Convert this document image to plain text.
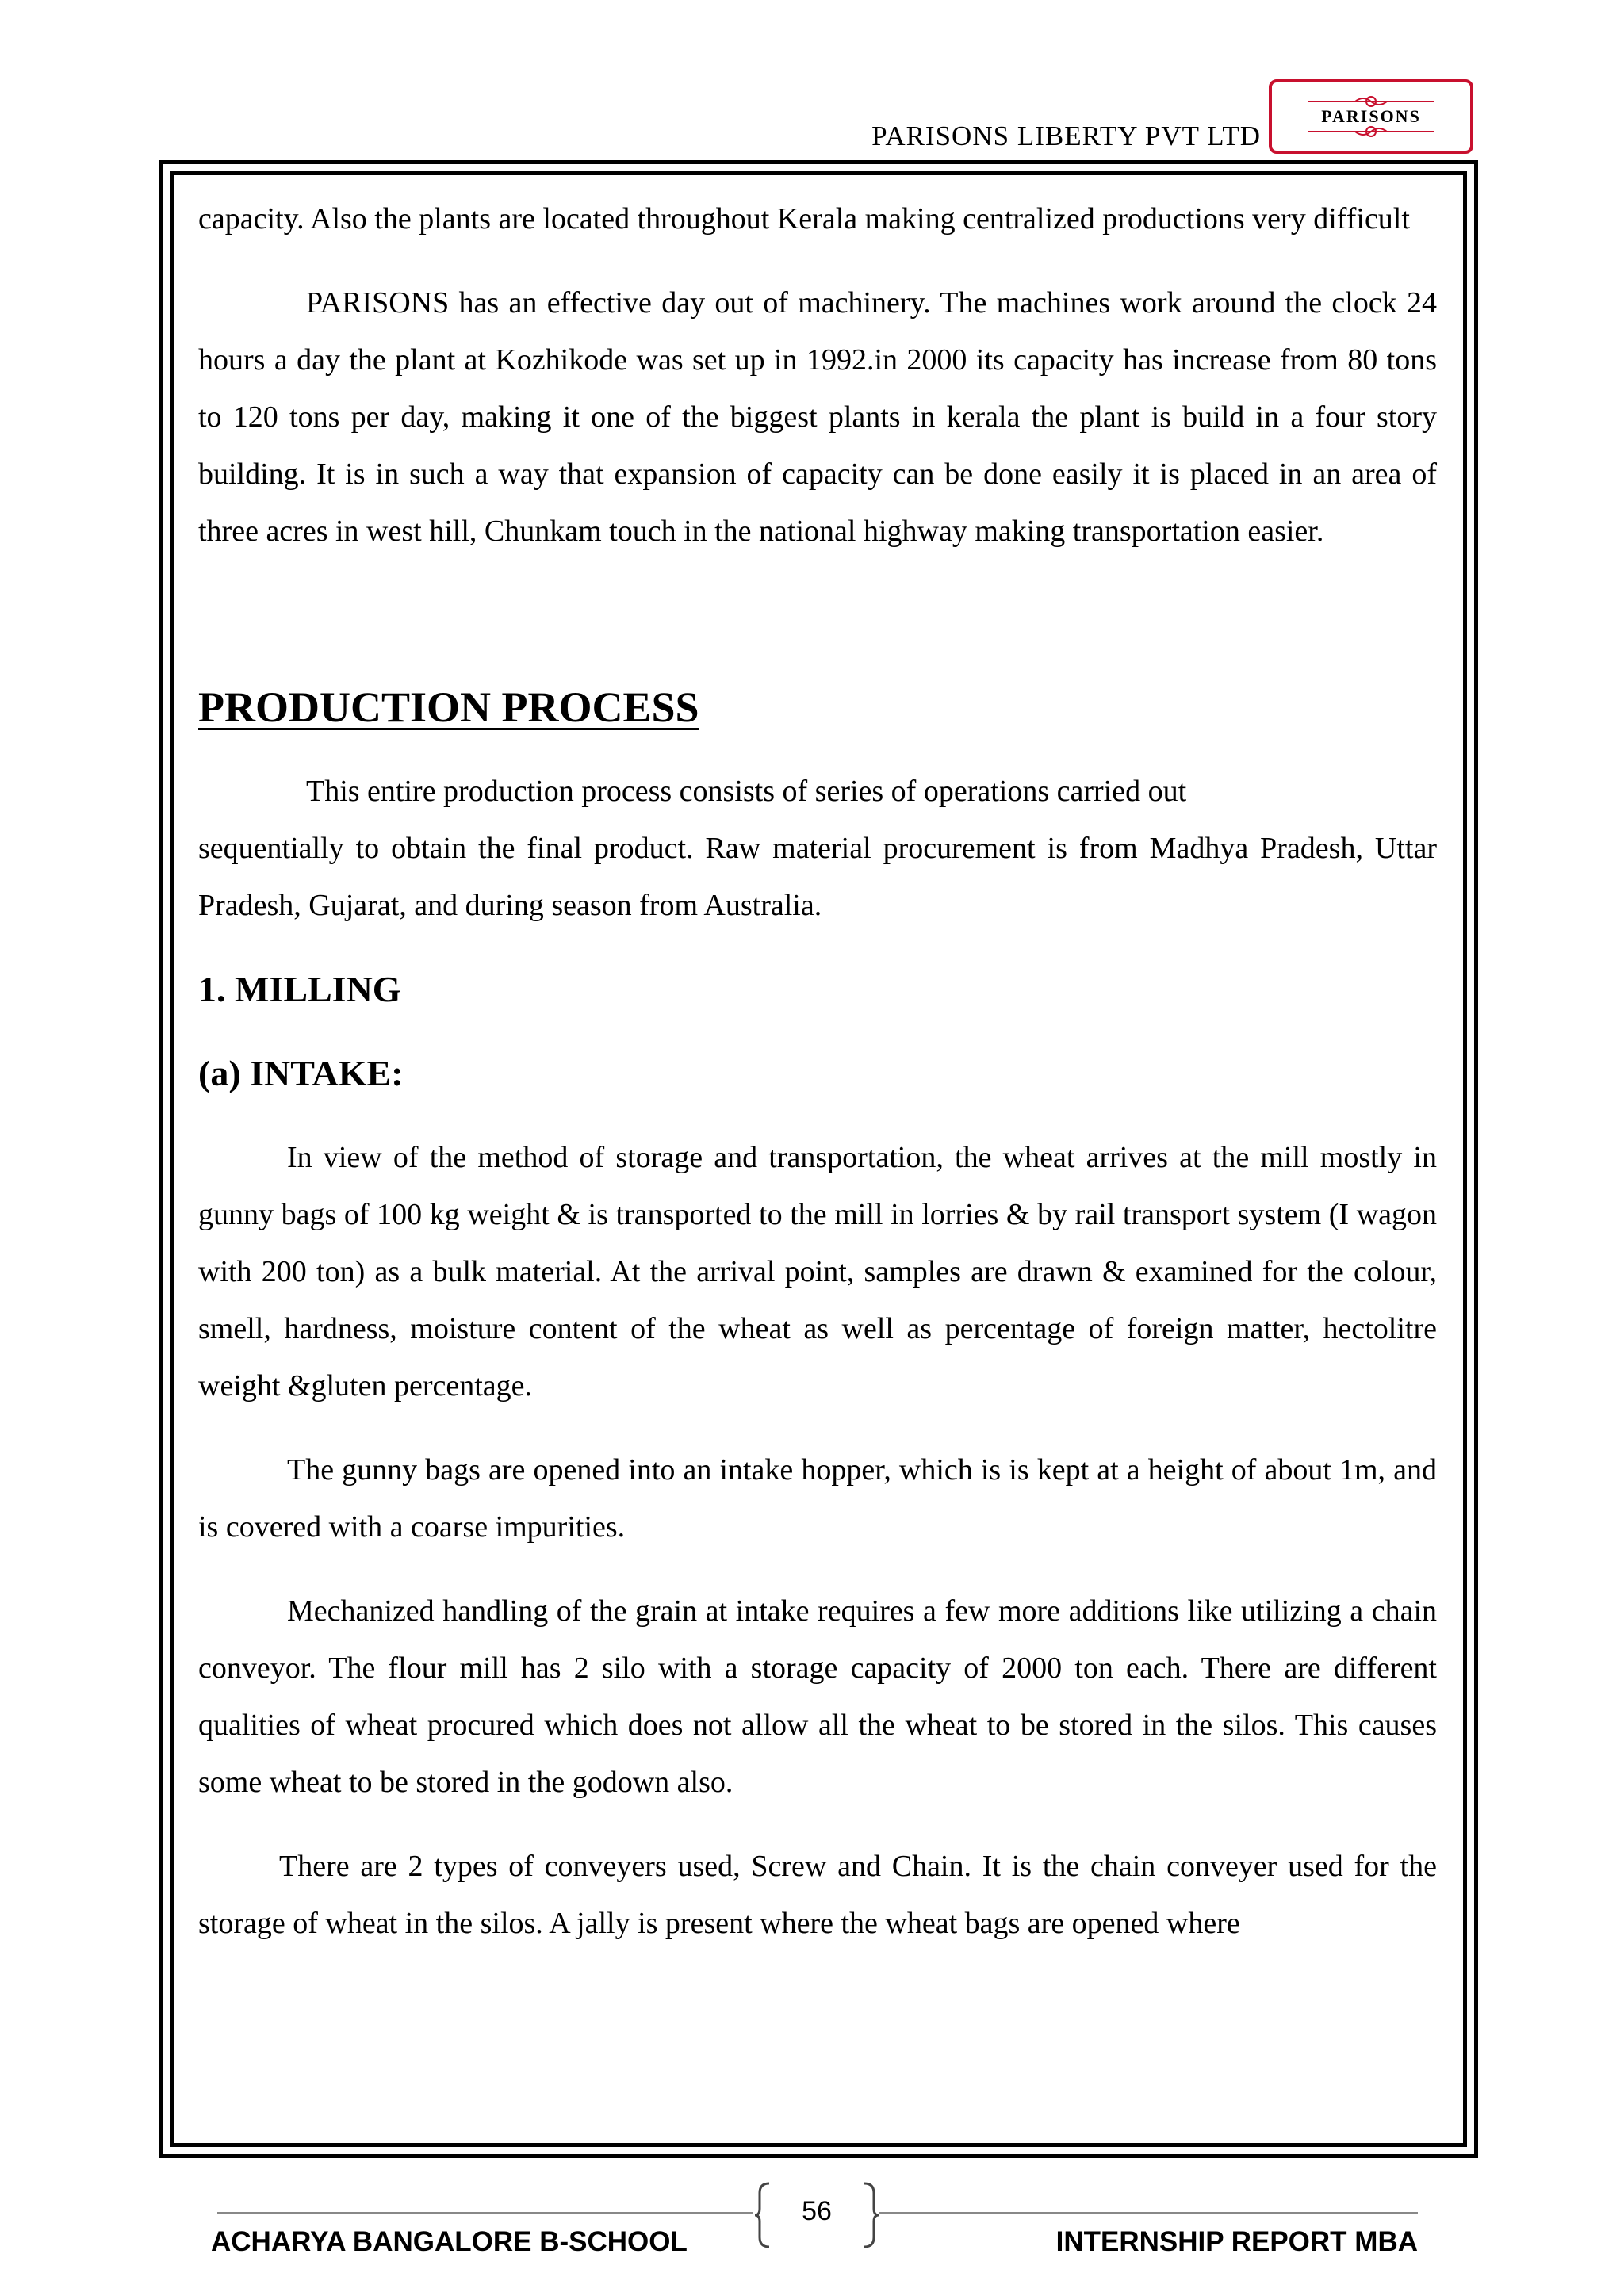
PARISONS LIBERTY PVT LTD
PARISONS

capacity. Also the plants are located throughout Kerala making centralized productions very difficult

PARISONS has an effective day out of machinery. The machines work around the clock 24 hours a day the plant at Kozhikode was set up in 1992.in 2000 its capacity has increase from 80 tons to 120 tons per day, making it one of the biggest plants in kerala the plant is build in a four story building. It is in such a way that expansion of capacity can be done easily it is placed in an area of three acres in west hill, Chunkam touch in the national highway making transportation easier.

PRODUCTION PROCESS

This entire production process consists of series of operations carried out

sequentially to obtain the final product. Raw material procurement is from Madhya Pradesh, Uttar Pradesh, Gujarat, and during season from Australia.

1. MILLING
(a) INTAKE:

In view of the method of storage and transportation, the wheat arrives at the mill mostly in gunny bags of 100 kg weight & is transported to the mill in lorries & by rail transport system (I wagon with 200 ton) as a bulk material. At the arrival point, samples are drawn & examined for the colour, smell, hardness, moisture content of the wheat as well as percentage of foreign matter, hectolitre weight &gluten percentage.

The gunny bags are opened into an intake hopper, which is is kept at a height of about 1m, and is covered with a coarse impurities.

Mechanized handling of the grain at intake requires a few more additions like utilizing a chain conveyor. The flour mill has 2 silo with a storage capacity of 2000 ton each. There are different qualities of wheat procured which does not allow all the wheat to be stored in the silos. This causes some wheat to be stored in the godown also.

There are 2 types of conveyers used, Screw and Chain. It is the chain conveyer used for the storage of wheat in the silos. A jally is present where the wheat bags are opened where

56
ACHARYA BANGALORE B-SCHOOL	INTERNSHIP REPORT MBA
